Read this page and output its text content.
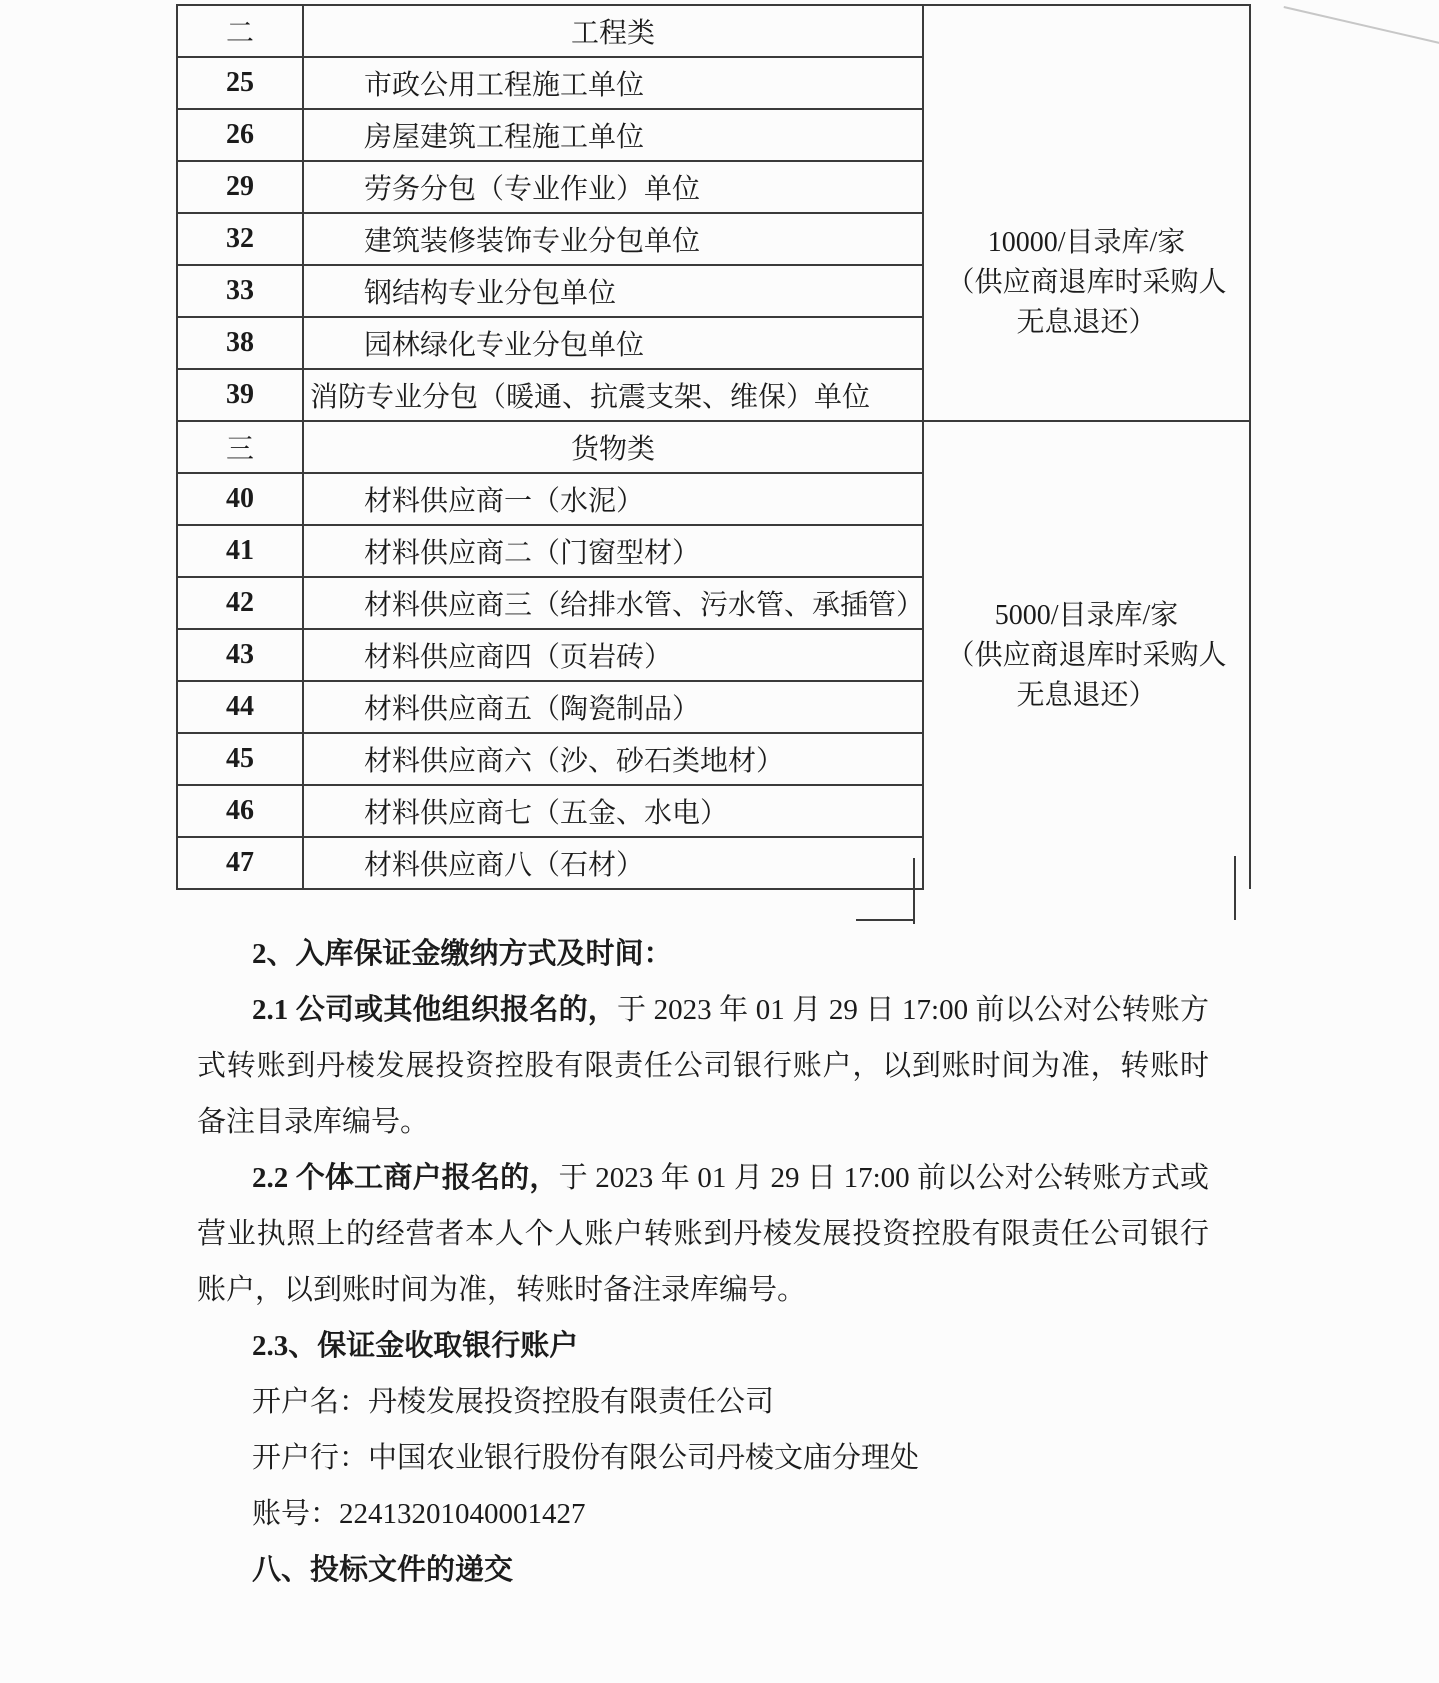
二	工程类	10000/目录库/家
（供应商退库时采购人
无息退还）

25	市政公用工程施工单位	
26	房屋建筑工程施工单位	
29	劳务分包（专业作业）单位	
32	建筑装修装饰专业分包单位	
33	钢结构专业分包单位	
38	园林绿化专业分包单位	
39	消防专业分包（暖通、抗震支架、维保）单位	
三	货物类	5000/目录库/家
（供应商退库时采购人
无息退还）

40	材料供应商一（水泥）	
41	材料供应商二（门窗型材）	
42	材料供应商三（给排水管、污水管、承插管）	
43	材料供应商四（页岩砖）	
44	材料供应商五（陶瓷制品）	
45	材料供应商六（沙、砂石类地材）	
46	材料供应商七（五金、水电）	
47	材料供应商八（石材）	

2、入库保证金缴纳方式及时间：

2.1 公司或其他组织报名的，于 2023 年 01 月 29 日 17:00 前以公对公转账方式转账到丹棱发展投资控股有限责任公司银行账户，以到账时间为准，转账时备注目录库编号。

2.2 个体工商户报名的，于 2023 年 01 月 29 日 17:00 前以公对公转账方式或营业执照上的经营者本人个人账户转账到丹棱发展投资控股有限责任公司银行账户，以到账时间为准，转账时备注录库编号。

2.3、保证金收取银行账户

开户名：丹棱发展投资控股有限责任公司

开户行：中国农业银行股份有限公司丹棱文庙分理处

账号：22413201040001427

八、投标文件的递交
